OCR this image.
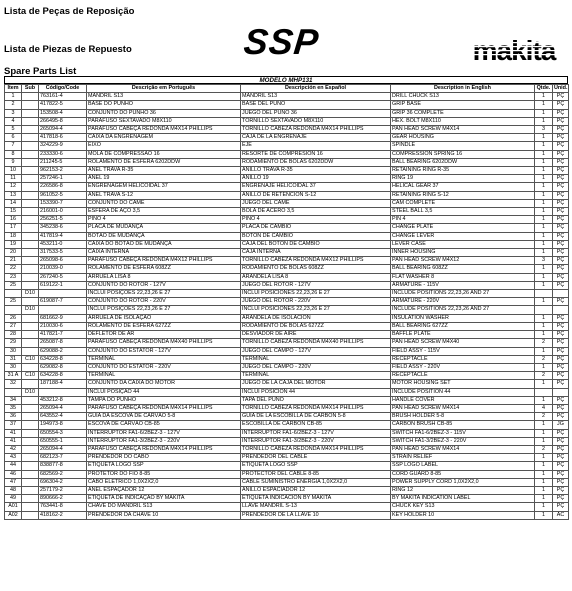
Lista de Peças de Reposição
Lista de Piezas de Repuesto
Spare Parts List
SSP
MODELO MHP131
Item	Sub	Código/Code	Descrição em Português	Descripción en Español	Description in English	Qtde.	Unid.
1		763161-4	MANDRIL S13	MANDRIL S13	DRILL CHUCK S13	1	PÇ
2		417822-5	BASE DO PUNHO	BASE DEL PUÑO	GRIP BASE	1	PÇ
3		153508-4	CONJUNTO DO PUNHO 36	JUEGO DEL PUÑO 36	GRIP 36 COMPLETE	1	PÇ
4		266495-8	PARAFUSO SEXTAVADO M8X110	TORNILLO SEXTAVADO M8X110	HEX. BOLT M8X110	1	PÇ
5		265094-4	PARAFUSO CABEÇA REDONDA M4X14 PHILLIPS	TORNILLO CABEZA REDONDA M4X14 PHILLIPS	PAN HEAD SCREW M4X14	3	PÇ
6		417818-6	CAIXA DA ENGRENAGEM	CAJA DE LA ENGRENAJE	GEAR HOUSING	1	PÇ
7		324229-9	EIXO	EJE	SPINDLE	1	PÇ
8		233330-6	MOLA DE COMPRESSÃO 16	RESORTE DE COMPRESIÓN 16	COMPRESSION SPRING 16	1	PÇ
9		211245-5	ROLAMENTO DE ESFERA 6202DDW	RODAMIENTO DE BOLAS 6202DDW	BALL BEARING 6202DDW	1	PÇ
10		962153-2	ANEL TRAVA R-35	ANILLO TRAVA R-35	RETAINING RING R-35	1	PÇ
11		257246-1	ANEL 19	ANILLO 19	RING 19	1	PÇ
12		226586-8	ENGRENAGEM HELICOIDAL 37	ENGRENAJE HELICOIDAL 37	HELICAL GEAR 37	1	PÇ
13		961052-5	ANEL TRAVA S-12	ANILLO DE RETENCIÓN S-12	RETAINING RING S-12	1	PÇ
14		153390-7	CONJUNTO DO CAME	JUEGO DEL CAME	CAM COMPLETE	1	PÇ
15		216001-0	ESFERA DE AÇO 3,5	BOLA DE ACERO 3,5	STEEL BALL 3,5	1	PÇ
16		256251-5	PINO 4	PINO 4	PIN 4	1	PÇ
17		345238-6	PLACA DE MUDANÇA	PLACA DE CAMBIO	CHANGE PLATE	1	PÇ
18		417819-4	BOTÃO DE MUDANÇA	BOTÓN DE CAMBIO	CHANGE LEVER	1	PÇ
19		453211-0	CAIXA DO BOTÃO DE MUDANÇA	CAJA DEL BOTÓN DE CAMBIO	LEVER CASE	1	PÇ
20		317533-5	CAIXA INTERNA	CAJA INTERNA	INNER HOUSING	1	PÇ
21		265098-6	PARAFUSO CABEÇA REDONDA M4X12 PHILLIPS	TORNILLO CABEZA REDONDA M4X12 PHILLIPS	PAN HEAD SCREW M4X12	3	PÇ
22		210039-0	ROLAMENTO DE ESFERA 608ZZ	RODAMIENTO DE BOLAS 608ZZ	BALL BEARING 608ZZ	1	PÇ
23		267240-5	ARRUELA LISA 8	ARANDELA LISA 8	FLAT WASHER 8	1	PÇ
25		619122-1	CONJUNTO DO ROTOR - 127V	JUEGO DEL ROTOR - 127V	ARMATURE - 115V	1	PÇ
	D10		INCLUI POSIÇÕES 22,23,26 E 27	INCLUI POSICIONES 22,23,26 E 27	INCLUDE POSITIONS 22,23,26 AND 27		
25		619087-7	CONJUNTO DO ROTOR - 220V	JUEGO DEL ROTOR - 220V	ARMATURE - 220V	1	PÇ
	D10		INCLUI POSIÇÕES 22,23,26 E 27	INCLUI POSICIONES 22,23,26 E 27	INCLUDE POSITIONS 22,23,26 AND 27		
26		681662-9	ARRUELA DE ISOLAÇÃO	ARANDELA DE ISOLACIÓN	INSULATION WASHER	1	PÇ
27		210030-6	ROLAMENTO DE ESFERA 627ZZ	RODAMIENTO DE BOLAS 627ZZ	BALL BEARING 627ZZ	1	PÇ
28		417821-7	DEFLETOR DE AR	DESVIADOR DE AIRE	BAFFLE PLATE	1	PÇ
29		265087-8	PARAFUSO CABEÇA REDONDA M4X40 PHILLIPS	TORNILLO CABEZA REDONDA M4X40 PHILLIPS	PAN HEAD SCREW M4X40	2	PÇ
30		629088-2	CONJUNTO DO ESTATOR - 127V	JUEGO DEL CAMPO - 127V	FIELD ASSY - 115V	1	PÇ
31	C10	634228-8	TERMINAL	TERMINAL	RECEPTACLE	2	PÇ
30		629082-8	CONJUNTO DO ESTATOR - 220V	JUEGO DEL CAMPO - 220V	FIELD ASSY - 220V	1	PÇ
31 A	C10	634228-8	TERMINAL	TERMINAL	RECEPTACLE	2	PÇ
32		187188-4	CONJUNTO DA CAIXA DO MOTOR	JUEGO DE LA CAJA DEL MOTOR	MOTOR HOUSING SET	1	PÇ
	D10		INCLUI POSIÇÃO 44	INCLUI POSICIÓN 44	INCLUDE POSITION 44		
34		453212-8	TAMPA DO PUNHO	TAPA DEL PUÑO	HANDLE COVER	1	PÇ
35		265094-4	PARAFUSO CABEÇA REDONDA M4X14 PHILLIPS	TORNILLO CABEZA REDONDA M4X14 PHILLIPS	PAN HEAD SCREW M4X14	4	PÇ
36		643552-4	GUIA DA ESCOVA DE CARVÃO 5-8	GUIA DE LA ESCOBILLA DE CARBÓN 5-8	BRUSH HOLDER 5-8	2	PÇ
37		194973-8	ESCOVA DE CARVÃO CB-85	ESCOBILLA DE CARBÓN CB-85	CARBON BRUSH CB-85	1	JG
41		650554-3	INTERRUPTOR FA1-6/2BEZ-3 - 127V	INTERRUPTOR FA1-6/2BEZ-3 - 127V	SWITCH FA1-6/2BEZ-3 - 115V	1	PÇ
41		650555-1	INTERRUPTOR FA1-3/2BEZ-3 - 220V	INTERRUPTOR FA1-3/2BEZ-3 - 220V	SWITCH FA1-3/2BEZ-3 - 220V	1	PÇ
42		265094-4	PARAFUSO CABEÇA REDONDA M4X14 PHILLIPS	TORNILLO CABEZA REDONDA M4X14 PHILLIPS	PAN HEAD SCREW M4X14	2	PÇ
43		682123-7	PRENDEDOR DO CABO	PRENDEDOR DEL CABLE	STRAIN RELIEF	1	PÇ
44		838877-8	ETIQUETA LOGO SSP	ETIQUETA LOGO SSP	SSP LOGO LABEL	1	PÇ
46		682569-2	PROTETOR DO FIO 8-85	PROTECTOR DEL CABLE 8-85	CORD GUARD 8-85	1	PÇ
47		696304-2	CABO ELÉTRICO 1,0X2X2,0	CABLE SUMINISTRO ENERGIA 1,0X2X2,0	POWER SUPPLY CORD 1,0X2X2,0	1	PÇ
48		257179-2	ANEL ESPAÇADOR 12	ANILLO ESPACIADOR 12	RING 12	1	PÇ
49		890666-2	ETIQUETA DE INDICAÇÃO BY MAKITA	ETIQUETA INDICACIÓN BY MAKITA	BY MAKITA INDICATION LABEL	1	PÇ
A01		763441-8	CHAVE DO MANDRIL S13	LLAVE MANDRIL S-13	CHUCK KEY S13	1	PÇ
A02		418162-2	PRENDEDOR DA CHAVE 10	PRENDEDOR DE LA LLAVE 10	KEY HOLDER 10	1	AC
